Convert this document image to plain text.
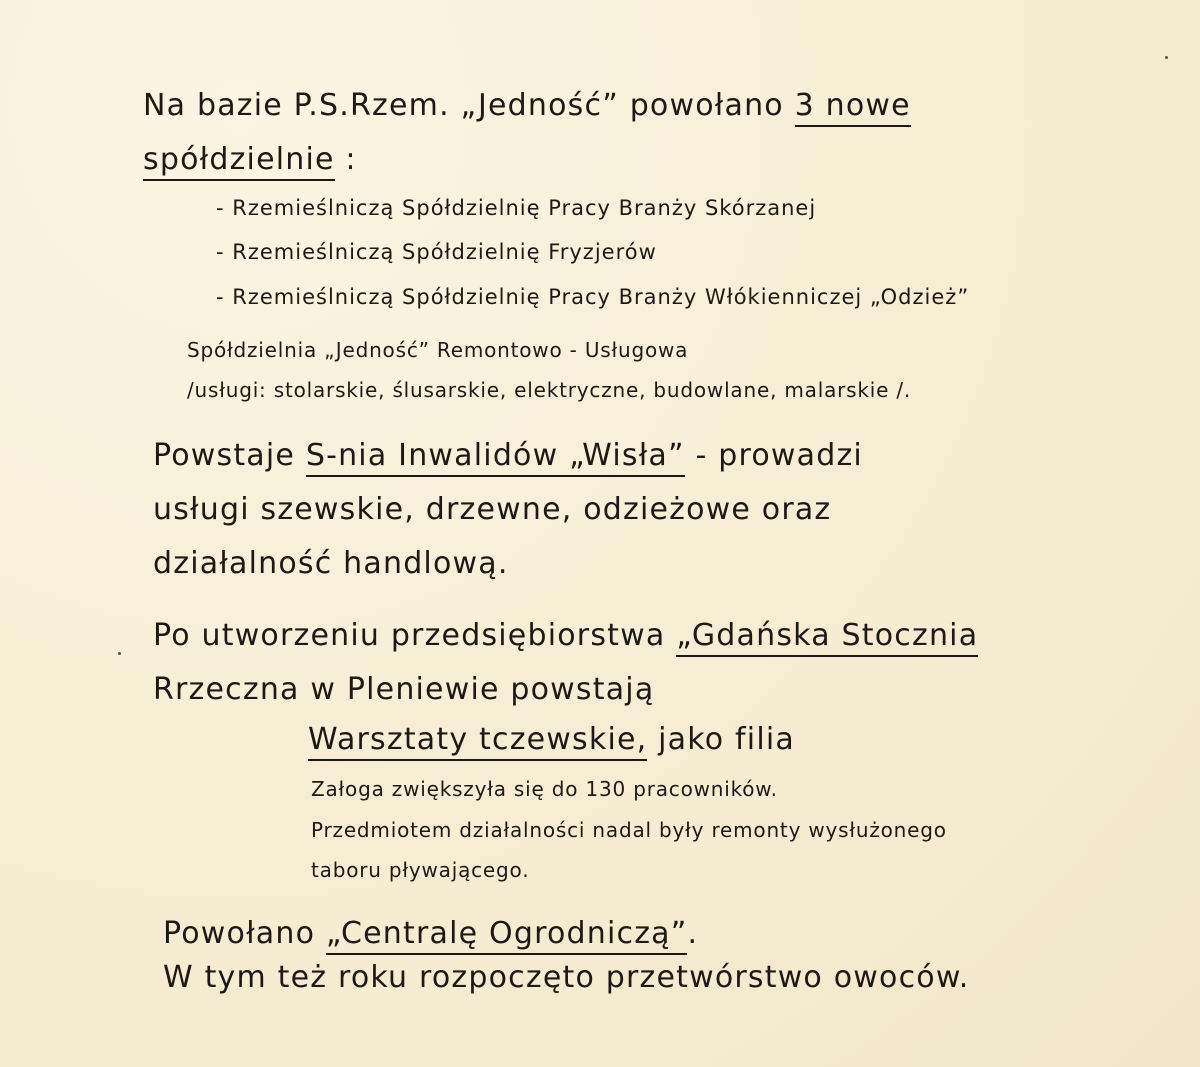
Na bazie P.S.Rzem. „Jedność” powołano 3 nowe
spółdzielnie :
- Rzemieślniczą Spółdzielnię Pracy Branży Skórzanej
- Rzemieślniczą Spółdzielnię Fryzjerów
- Rzemieślniczą Spółdzielnię Pracy Branży Włókienniczej „Odzież”
Spółdzielnia „Jedność” Remontowo - Usługowa
/usługi: stolarskie, ślusarskie, elektryczne, budowlane, malarskie /.
Powstaje S-nia Inwalidów „Wisła” - prowadzi
usługi szewskie, drzewne, odzieżowe oraz
działalność handlową.
Po utworzeniu przedsiębiorstwa „Gdańska Stocznia
Rrzeczna w Pleniewie powstają
Warsztaty tczewskie, jako filia
Załoga zwiększyła się do 130 pracowników.
Przedmiotem działalności nadal były remonty wysłużonego
taboru pływającego.
Powołano „Centralę Ogrodniczą”.
W tym też roku rozpoczęto przetwórstwo owoców.
